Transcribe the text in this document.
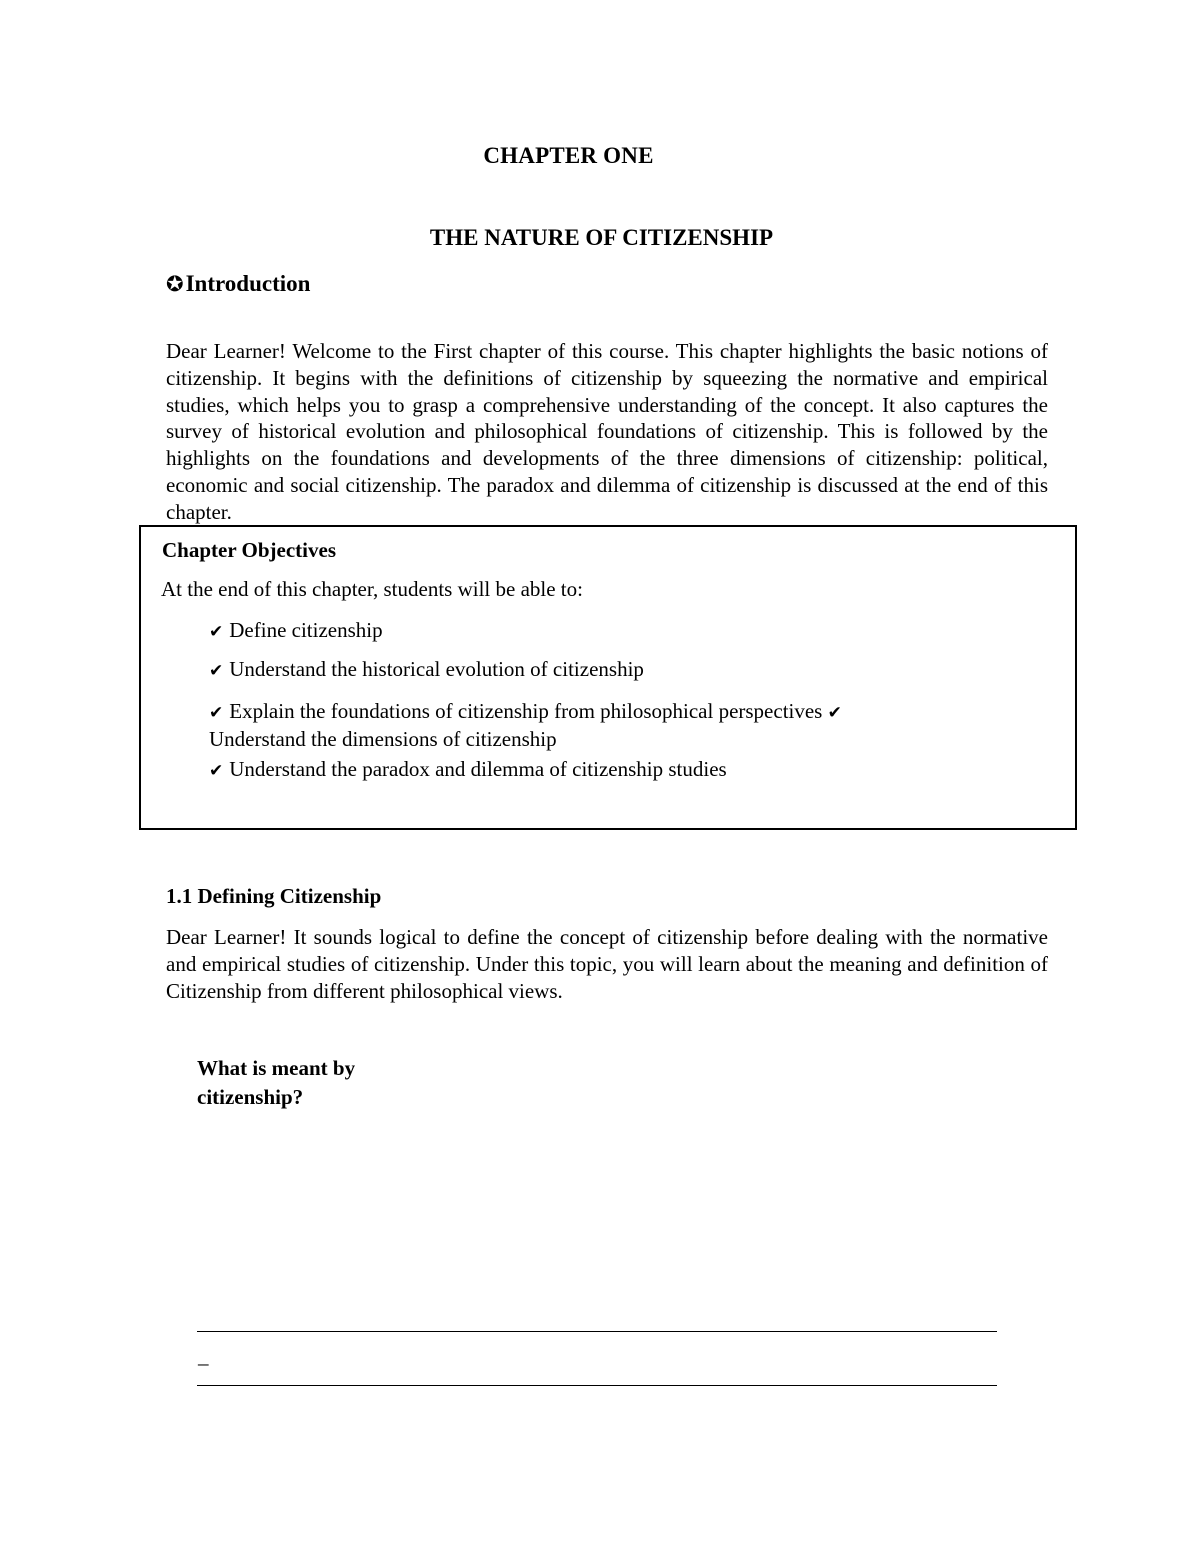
CHAPTER ONE
THE NATURE OF CITIZENSHIP
✪Introduction
Dear Learner! Welcome to the First chapter of this course. This chapter highlights the basic notions of citizenship. It begins with the definitions of citizenship by squeezing the normative and empirical studies, which helps you to grasp a comprehensive understanding of the concept. It also captures the survey of historical evolution and philosophical foundations of citizenship. This is followed by the highlights on the foundations and developments of the three dimensions of citizenship: political, economic and social citizenship. The paradox and dilemma of citizenship is discussed at the end of this chapter.
Chapter Objectives
At the end of this chapter, students will be able to:
✔ Define citizenship
✔ Understand the historical evolution of citizenship
✔ Explain the foundations of citizenship from philosophical perspectives ✔
Understand the dimensions of citizenship
✔ Understand the paradox and dilemma of citizenship studies
1.1 Defining Citizenship
Dear Learner! It sounds logical to define the concept of citizenship before dealing with the normative and empirical studies of citizenship. Under this topic, you will learn about the meaning and definition of Citizenship from different philosophical views.
What is meant by citizenship?
_
